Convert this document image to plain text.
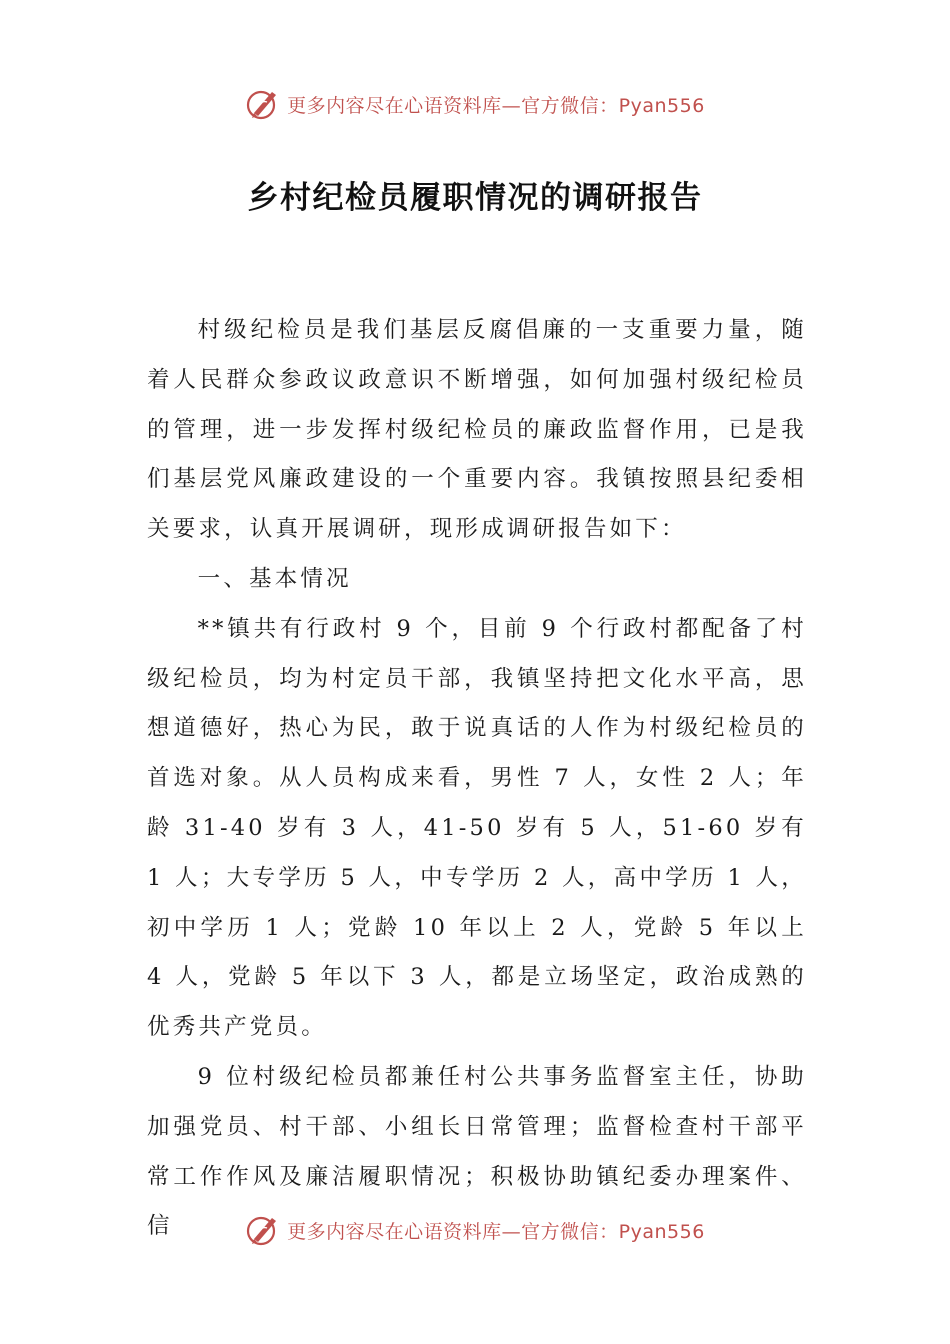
更多内容尽在心语资料库—官方微信：Pyan556
乡村纪检员履职情况的调研报告

村级纪检员是我们基层反腐倡廉的一支重要力量，随着人民群众参政议政意识不断增强，如何加强村级纪检员的管理，进一步发挥村级纪检员的廉政监督作用，已是我们基层党风廉政建设的一个重要内容。我镇按照县纪委相关要求，认真开展调研，现形成调研报告如下：

一、基本情况

**镇共有行政村 9 个，目前 9 个行政村都配备了村级纪检员，均为村定员干部，我镇坚持把文化水平高，思想道德好，热心为民，敢于说真话的人作为村级纪检员的首选对象。从人员构成来看，男性 7 人，女性 2 人；年龄 31-40 岁有 3 人，41-50 岁有 5 人，51-60 岁有 1 人；大专学历 5 人，中专学历 2 人，高中学历 1 人，初中学历 1 人；党龄 10 年以上 2 人，党龄 5 年以上 4 人，党龄 5 年以下 3 人，都是立场坚定，政治成熟的优秀共产党员。

9 位村级纪检员都兼任村公共事务监督室主任，协助加强党员、村干部、小组长日常管理；监督检查村干部平常工作作风及廉洁履职情况；积极协助镇纪委办理案件、信	更多内容尽在心语资料库—官方微信：Pyan556
